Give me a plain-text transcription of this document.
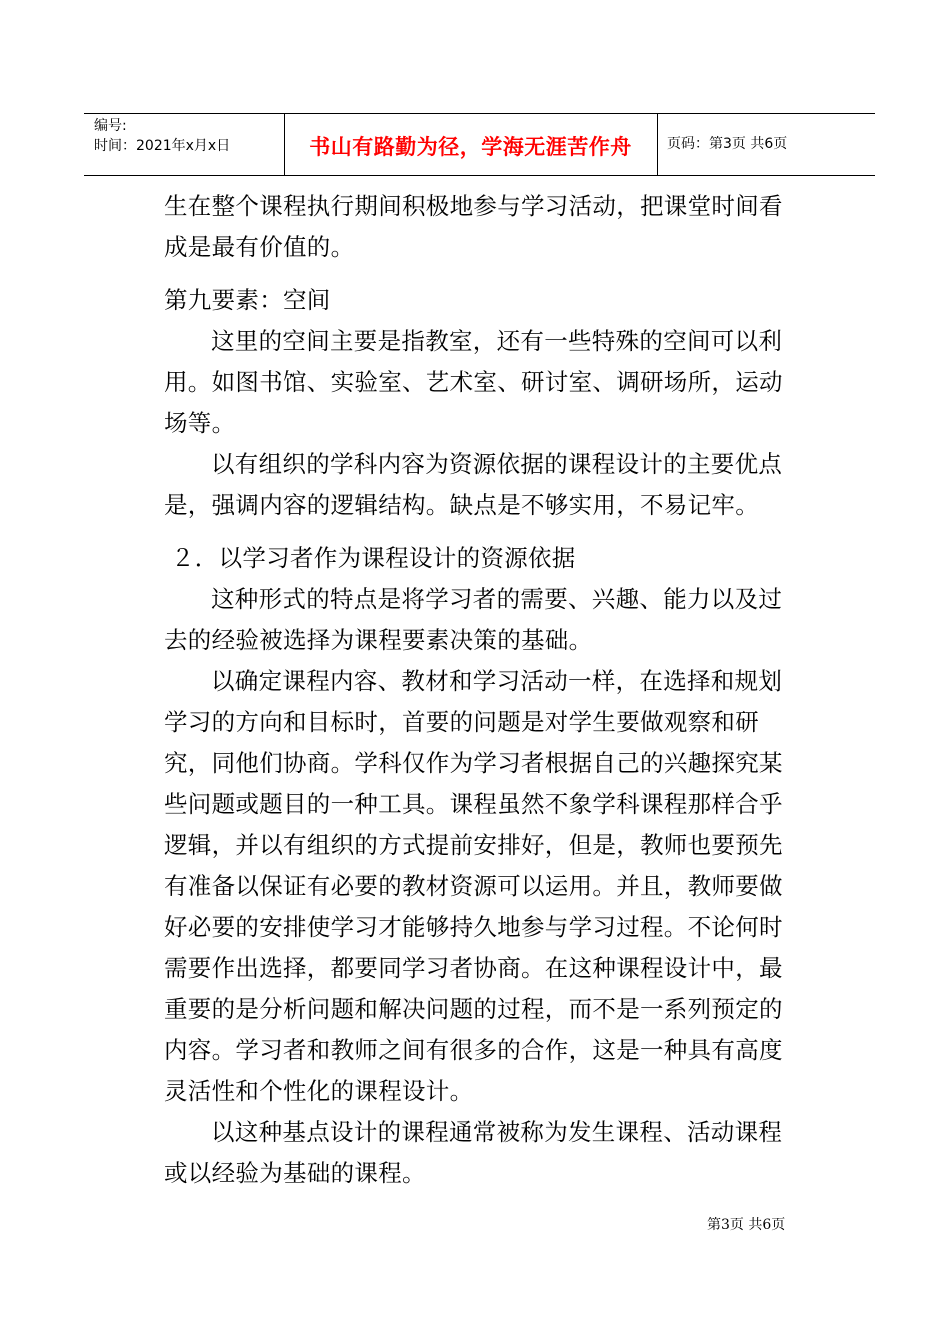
编号:
时间：2021年x月x日	书山有路勤为径，学海无涯苦作舟	页码：第3页 共6页

生在整个课程执行期间积极地参与学习活动，把课堂时间看成是最有价值的。

第九要素：空间

这里的空间主要是指教室，还有一些特殊的空间可以利用。如图书馆、实验室、艺术室、研讨室、调研场所，运动场等。

以有组织的学科内容为资源依据的课程设计的主要优点是，强调内容的逻辑结构。缺点是不够实用，不易记牢。

２．以学习者作为课程设计的资源依据

这种形式的特点是将学习者的需要、兴趣、能力以及过去的经验被选择为课程要素决策的基础。

以确定课程内容、教材和学习活动一样，在选择和规划学习的方向和目标时，首要的问题是对学生要做观察和研究，同他们协商。学科仅作为学习者根据自己的兴趣探究某些问题或题目的一种工具。课程虽然不象学科课程那样合乎逻辑，并以有组织的方式提前安排好，但是，教师也要预先有准备以保证有必要的教材资源可以运用。并且，教师要做好必要的安排使学习才能够持久地参与学习过程。不论何时需要作出选择，都要同学习者协商。在这种课程设计中，最重要的是分析问题和解决问题的过程，而不是一系列预定的内容。学习者和教师之间有很多的合作，这是一种具有高度灵活性和个性化的课程设计。

以这种基点设计的课程通常被称为发生课程、活动课程或以经验为基础的课程。

第3页 共6页
